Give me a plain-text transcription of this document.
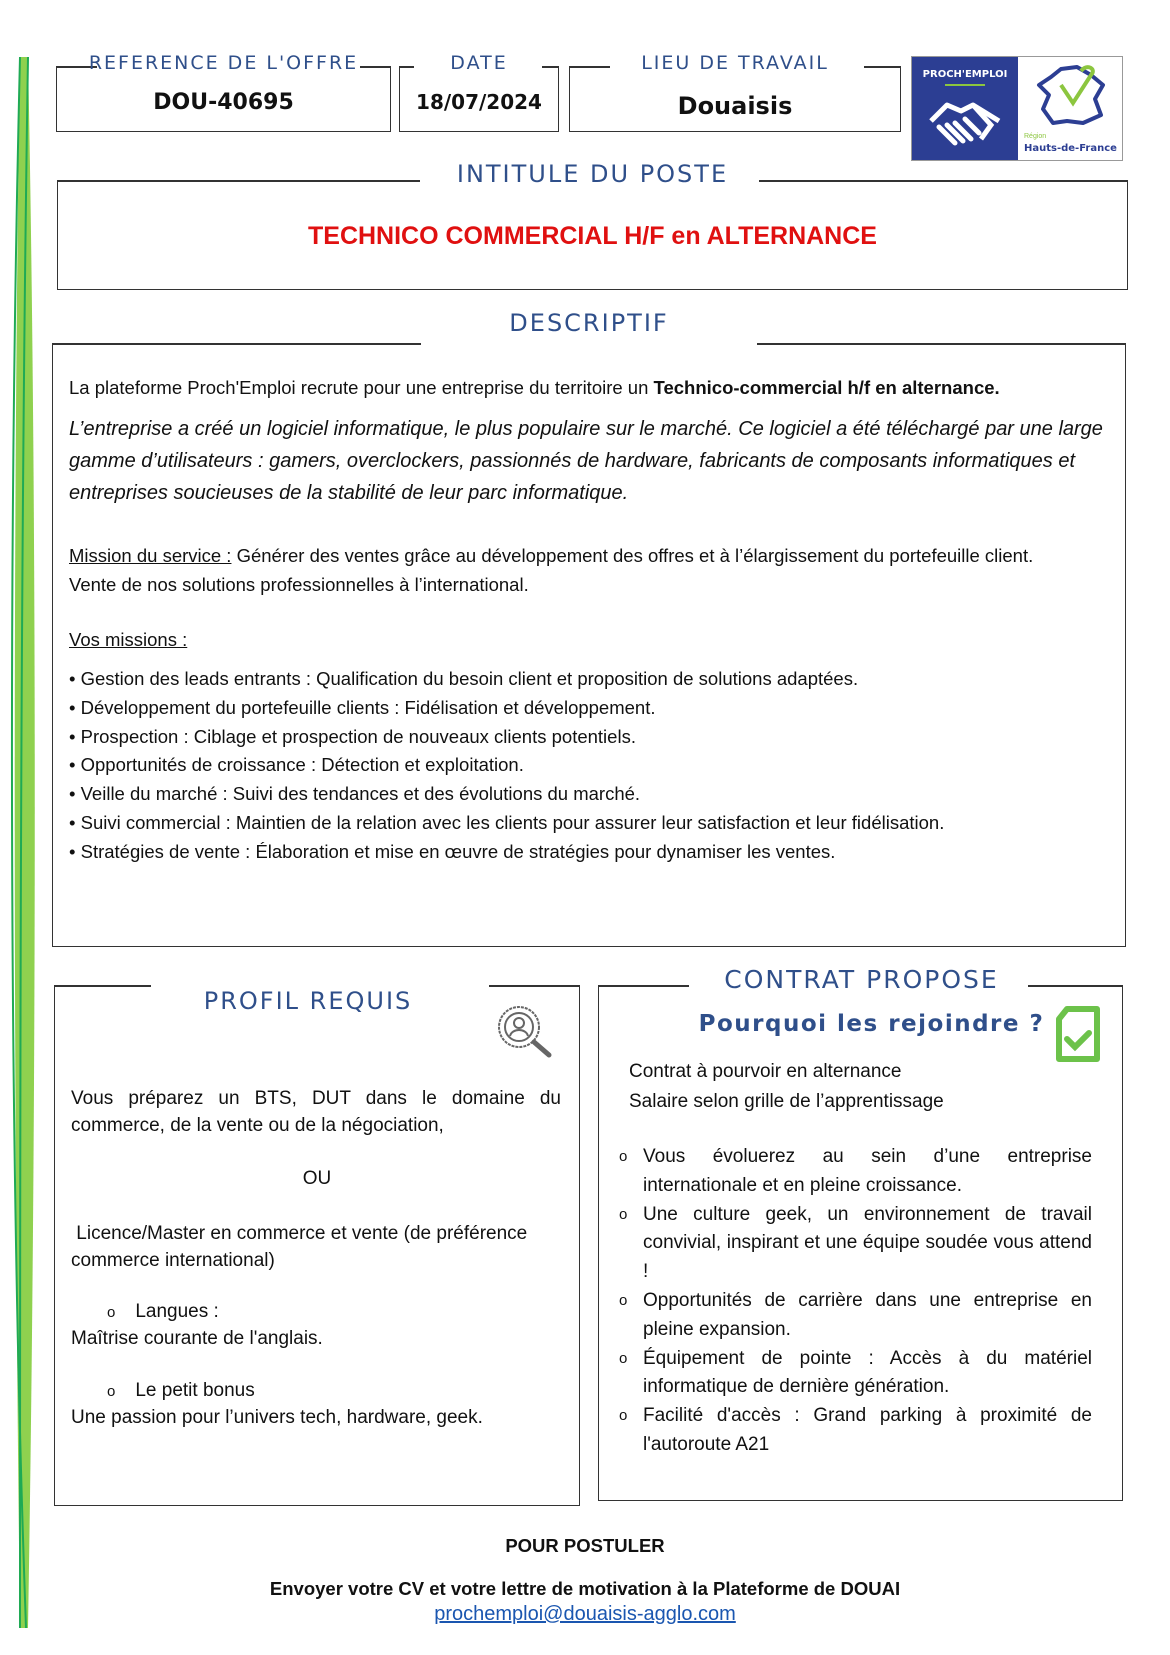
REFERENCE DE L'OFFRE
DOU-40695
DATE
18/07/2024
LIEU DE TRAVAIL
Douaisis
PROCH'EMPLOI
Région
Hauts-de-France
INTITULE DU POSTE
TECHNICO COMMERCIAL H/F en ALTERNANCE
DESCRIPTIF

La plateforme Proch'Emploi recrute pour une entreprise du territoire un Technico-commercial h/f en alternance.

L’entreprise a créé un logiciel informatique, le plus populaire sur le marché. Ce logiciel a été téléchargé par une large gamme d’utilisateurs : gamers, overclockers, passionnés de hardware, fabricants de composants informatiques et entreprises soucieuses de la stabilité de leur parc informatique.

Mission du service : Générer des ventes grâce au développement des offres et à l’élargissement du portefeuille client.
Vente de nos solutions professionnelles à l’international.

Vos missions :

• Gestion des leads entrants : Qualification du besoin client et proposition de solutions adaptées.
• Développement du portefeuille clients : Fidélisation et développement.
• Prospection : Ciblage et prospection de nouveaux clients potentiels.
• Opportunités de croissance : Détection et exploitation.
• Veille du marché : Suivi des tendances et des évolutions du marché.
• Suivi commercial : Maintien de la relation avec les clients pour assurer leur satisfaction et leur fidélisation.
• Stratégies de vente : Élaboration et mise en œuvre de stratégies pour dynamiser les ventes.
PROFIL REQUIS
Vous préparez un BTS, DUT dans le domaine du commerce, de la vente ou de la négociation,
OU
Licence/Master en commerce et vente (de préférence commerce international)
o Langues :
Maîtrise courante de l'anglais.
o Le petit bonus
Une passion pour l’univers tech, hardware, geek.
CONTRAT PROPOSE
Pourquoi les rejoindre ?
Contrat à pourvoir en alternance
Salaire selon grille de l’apprentissage
o Vous évoluerez au sein d’une entreprise internationale et en pleine croissance.
o Une culture geek, un environnement de travail convivial, inspirant et une équipe soudée vous attend !
o Opportunités de carrière dans une entreprise en pleine expansion.
o Équipement de pointe : Accès à du matériel informatique de dernière génération.
o Facilité d'accès : Grand parking à proximité de l'autoroute A21
POUR POSTULER
Envoyer votre CV et votre lettre de motivation à la Plateforme de DOUAI
prochemploi@douaisis-agglo.com
